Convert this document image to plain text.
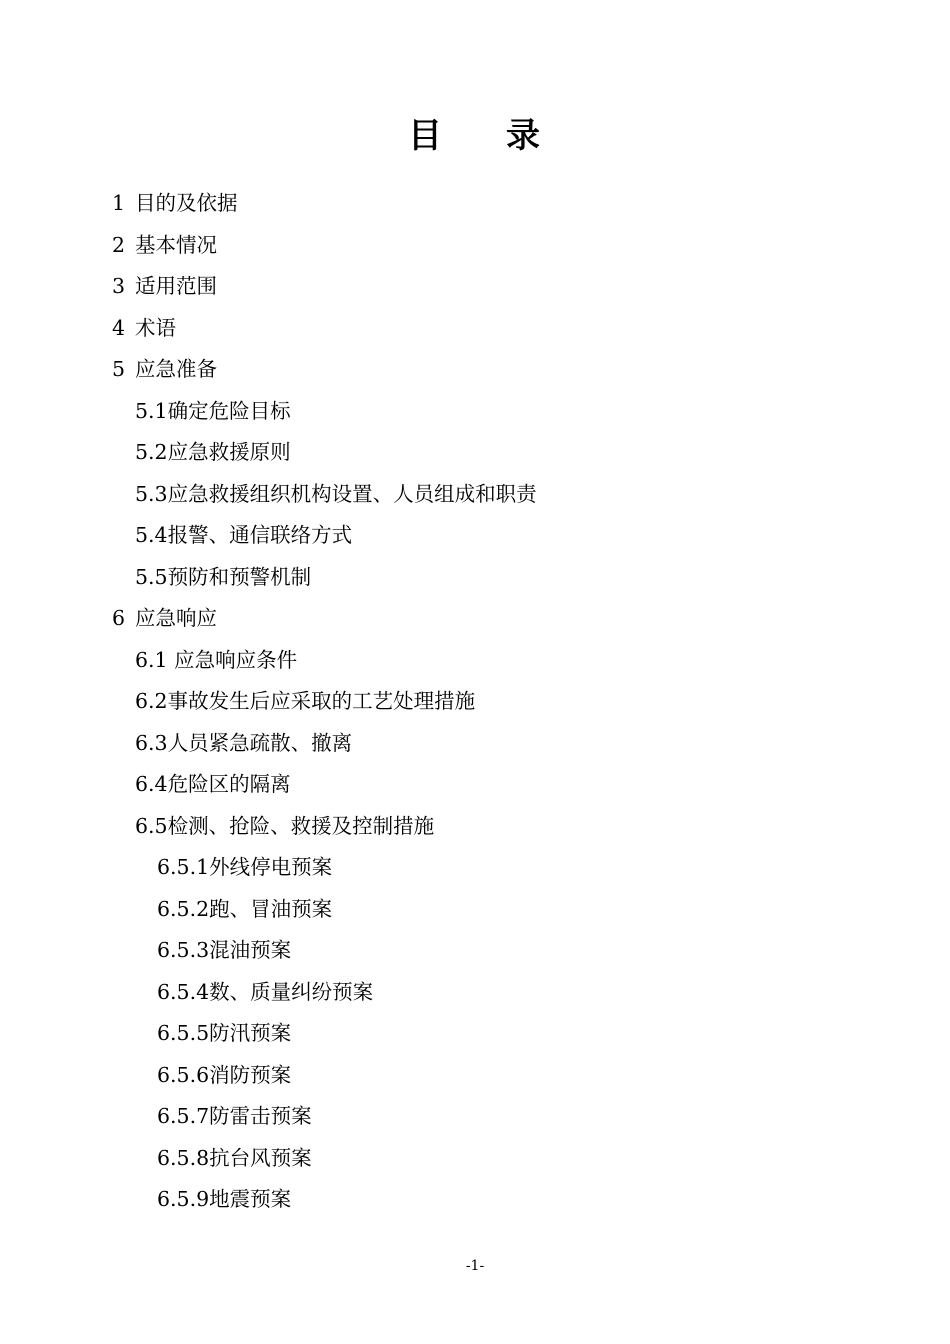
目 录
1 目的及依据
2 基本情况
3 适用范围
4 术语
5 应急准备
5.1确定危险目标
5.2应急救援原则
5.3应急救援组织机构设置、人员组成和职责
5.4报警、通信联络方式
5.5预防和预警机制
6 应急响应
6.1 应急响应条件
6.2事故发生后应采取的工艺处理措施
6.3人员紧急疏散、撤离
6.4危险区的隔离
6.5检测、抢险、救援及控制措施
6.5.1外线停电预案
6.5.2跑、冒油预案
6.5.3混油预案
6.5.4数、质量纠纷预案
6.5.5防汛预案
6.5.6消防预案
6.5.7防雷击预案
6.5.8抗台风预案
6.5.9地震预案
-1-
